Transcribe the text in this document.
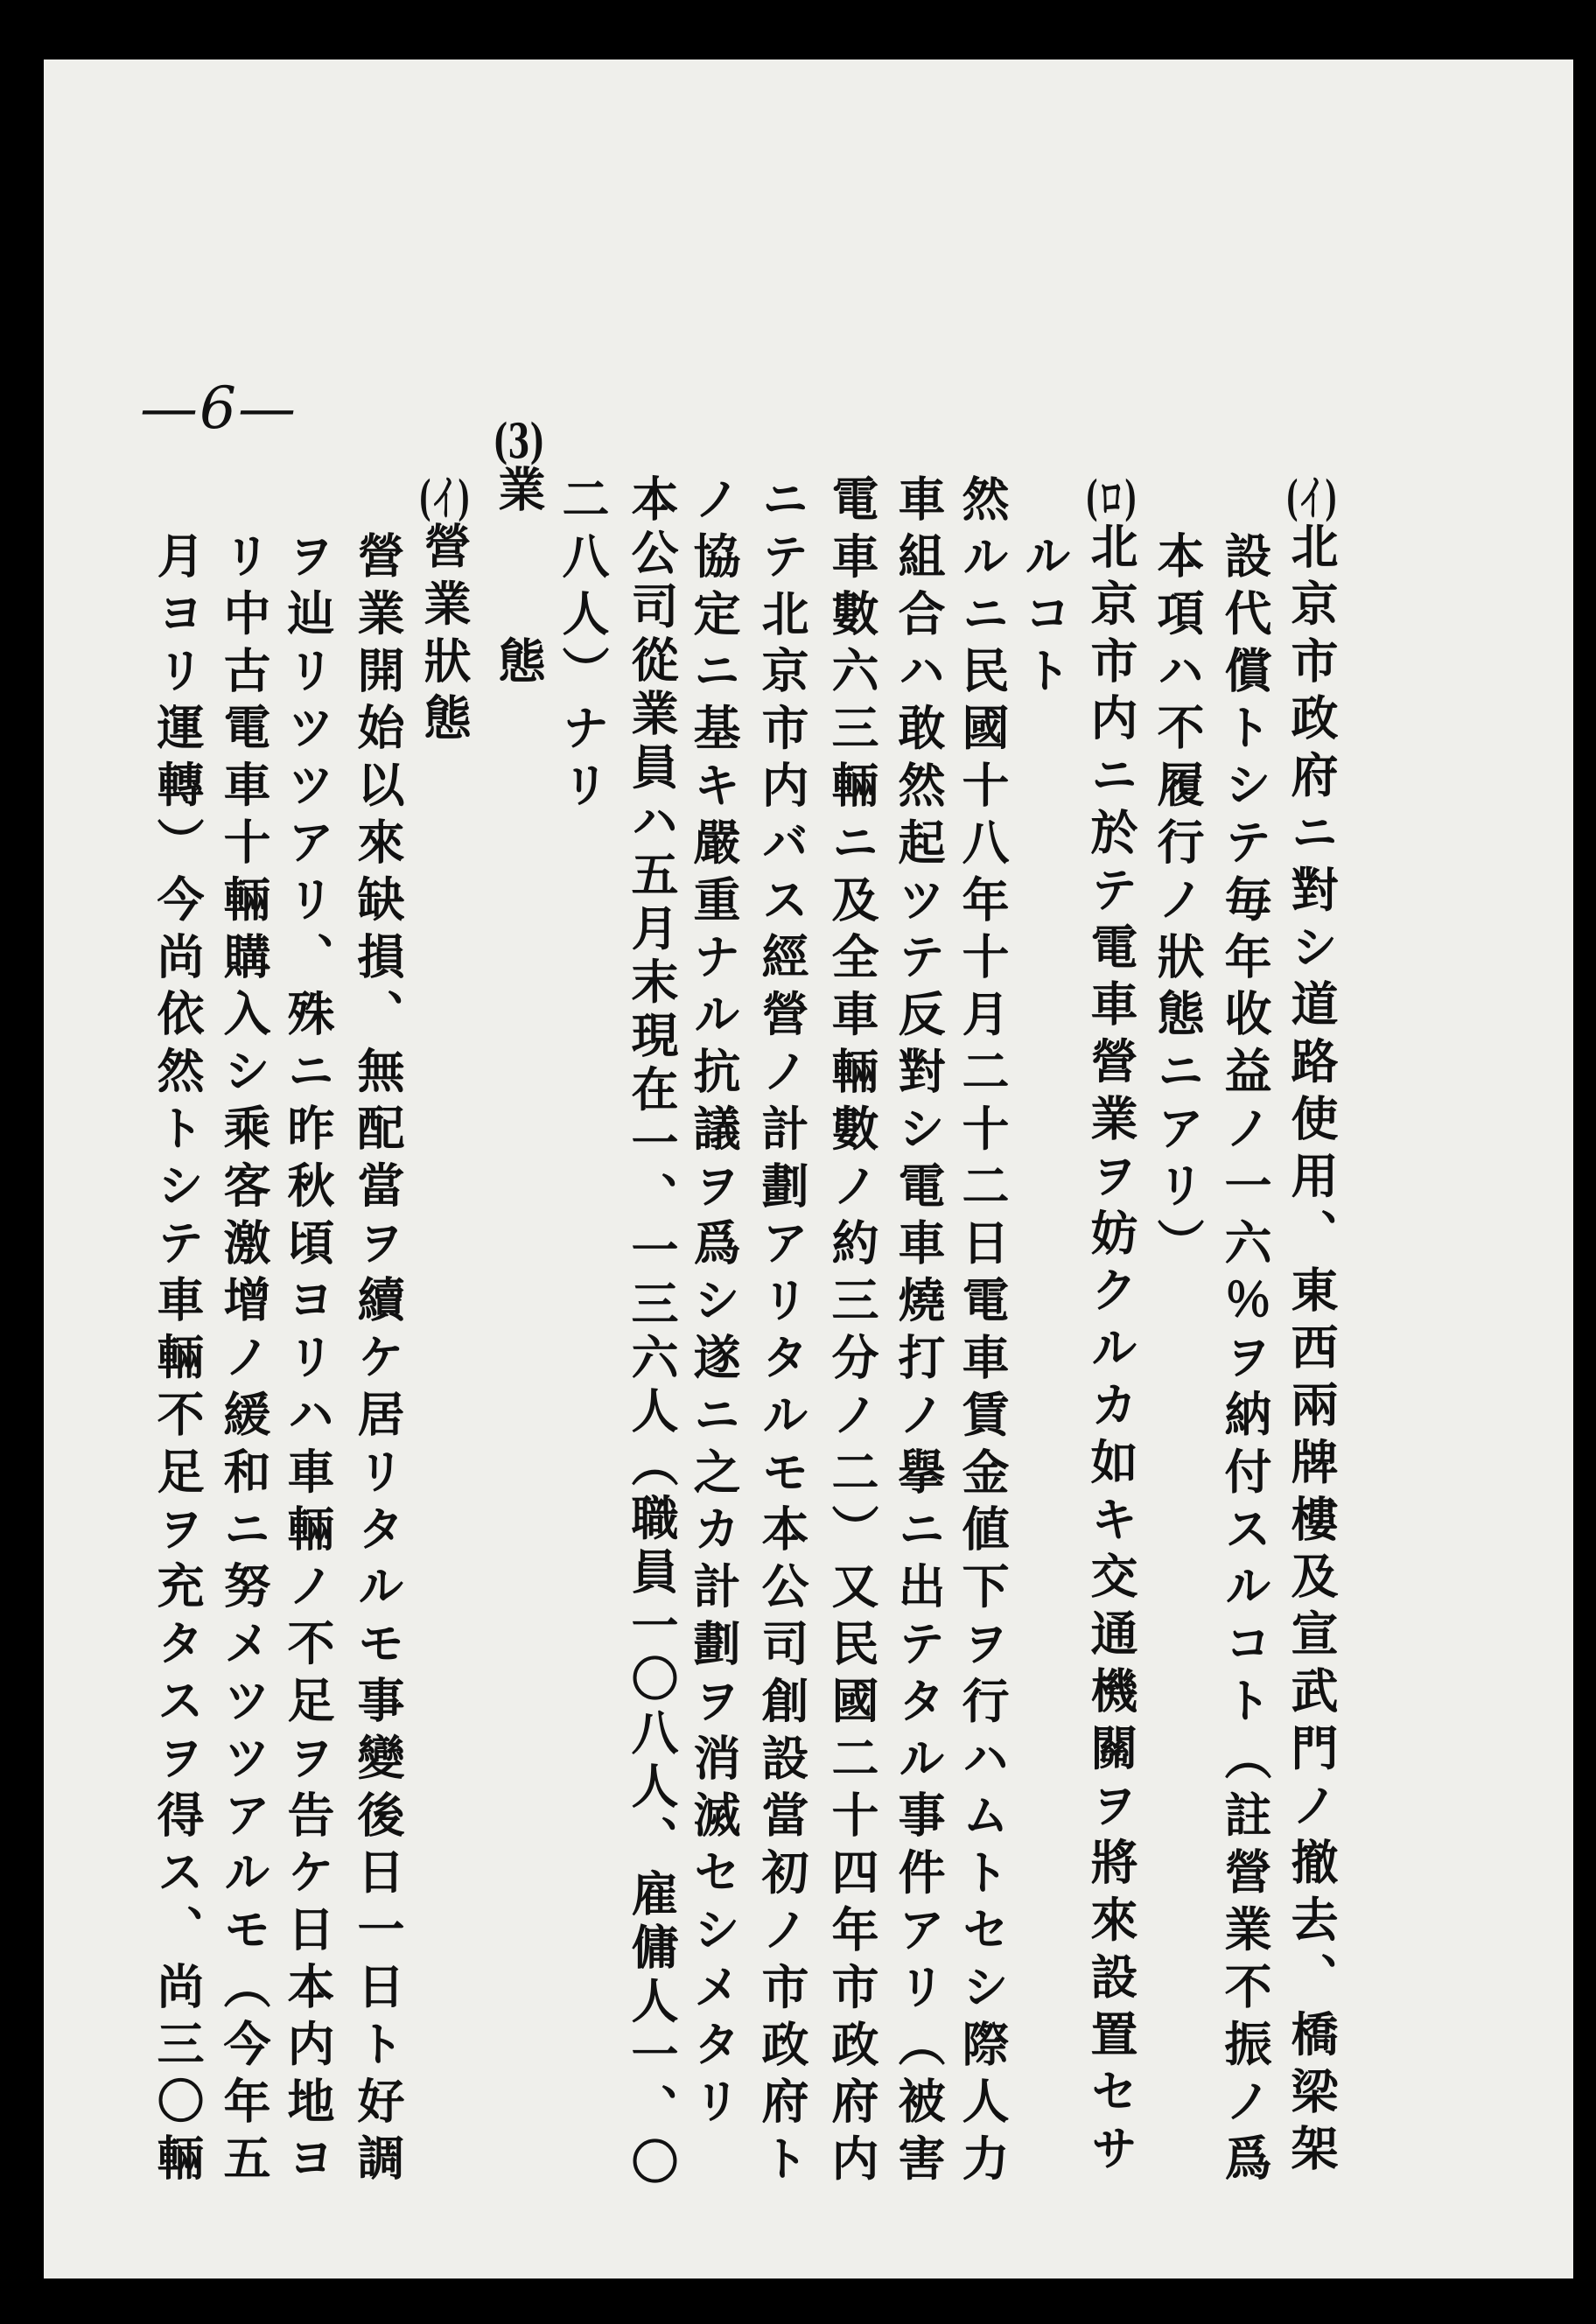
—6—
(イ)北京市政府ニ對シ道路使用、東西兩牌樓及宣武門ノ撤去、橋梁架
設代償トシテ毎年收益ノ一六％ヲ納付スルコト（註營業不振ノ爲
本項ハ不履行ノ狀態ニアリ）
(ロ)北京市内ニ於テ電車營業ヲ妨クルカ如キ交通機關ヲ將來設置セサ
ルコト
然ルニ民國十八年十月二十二日電車賃金値下ヲ行ハムトセシ際人力
車組合ハ敢然起ツテ反對シ電車燒打ノ擧ニ出テタル事件アリ（被害
電車數六三輛ニ及全車輛數ノ約三分ノ二）又民國二十四年市政府内
ニテ北京市内バス經營ノ計劃アリタルモ本公司創設當初ノ市政府ト
ノ協定ニ基キ嚴重ナル抗議ヲ爲シ遂ニ之カ計劃ヲ消滅セシメタリ
本公司從業員ハ五月末現在一、一三六人（職員一〇八人、雇傭人一、〇
二八人）ナリ
(3)業　　態
(イ)營業狀態
營業開始以來缺損、無配當ヲ續ケ居リタルモ事變後日一日ト好調
ヲ辿リツツアリ、殊ニ昨秋頃ヨリハ車輛ノ不足ヲ告ケ日本内地ヨ
リ中古電車十輛購入シ乘客激增ノ緩和ニ努メツツアルモ（今年五
月ヨリ運轉）今尚依然トシテ車輛不足ヲ充タスヲ得ス、尚三〇輛
